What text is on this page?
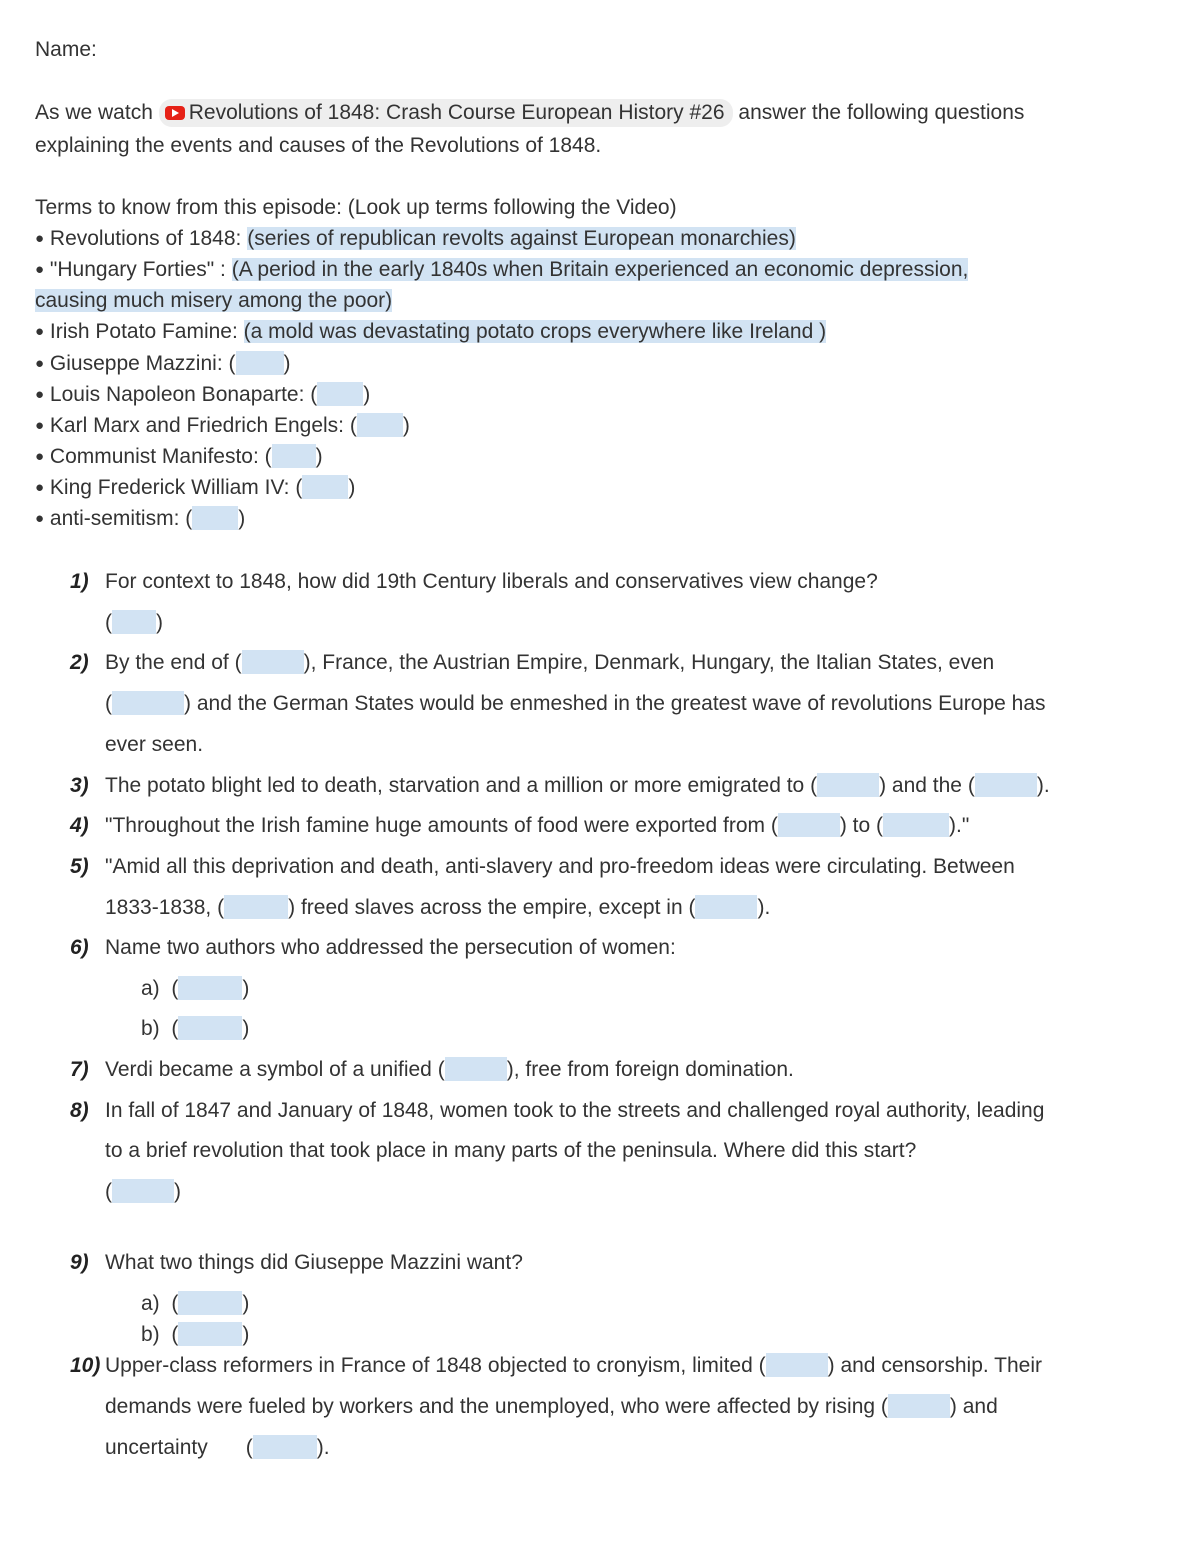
Name:
As we watch Revolutions of 1848: Crash Course European History #26 answer the following questions
explaining the events and causes of the Revolutions of 1848.
Terms to know from this episode: (Look up terms following the Video)
● Revolutions of 1848: (series of republican revolts against European monarchies)
● "Hungary Forties" : (A period in the early 1840s when Britain experienced an economic depression,
causing much misery among the poor)
● Irish Potato Famine: (a mold was devastating potato crops everywhere like Ireland )
● Giuseppe Mazzini: ( )
● Louis Napoleon Bonaparte: ( )
● Karl Marx and Friedrich Engels: ( )
● Communist Manifesto: ( )
● King Frederick William IV: ( )
● anti-semitism: ( )
1) For context to 1848, how did 19th Century liberals and conservatives view change?
( )
2) By the end of (	), France, the Austrian Empire, Denmark, Hungary, the Italian States, even
(	) and the German States would be enmeshed in the greatest wave of revolutions Europe has
ever seen.
3) The potato blight led to death, starvation and a million or more emigrated to (	) and the (	).
4) "Throughout the Irish famine huge amounts of food were exported from (	) to (	)."
5) "Amid all this deprivation and death, anti-slavery and pro-freedom ideas were circulating. Between
1833-1838, (	) freed slaves across the empire, except in (	).
6) Name two authors who addressed the persecution of women:
a) (	)
b) (	)
7) Verdi became a symbol of a unified (	), free from foreign domination.
8) In fall of 1847 and January of 1848, women took to the streets and challenged royal authority, leading
to a brief revolution that took place in many parts of the peninsula. Where did this start?
(	)
9) What two things did Giuseppe Mazzini want?
a) (	)
b) (	)
10) Upper-class reformers in France of 1848 objected to cronyism, limited (	) and censorship. Their
demands were fueled by workers and the unemployed, who were affected by rising (	) and
uncertainty (	).
